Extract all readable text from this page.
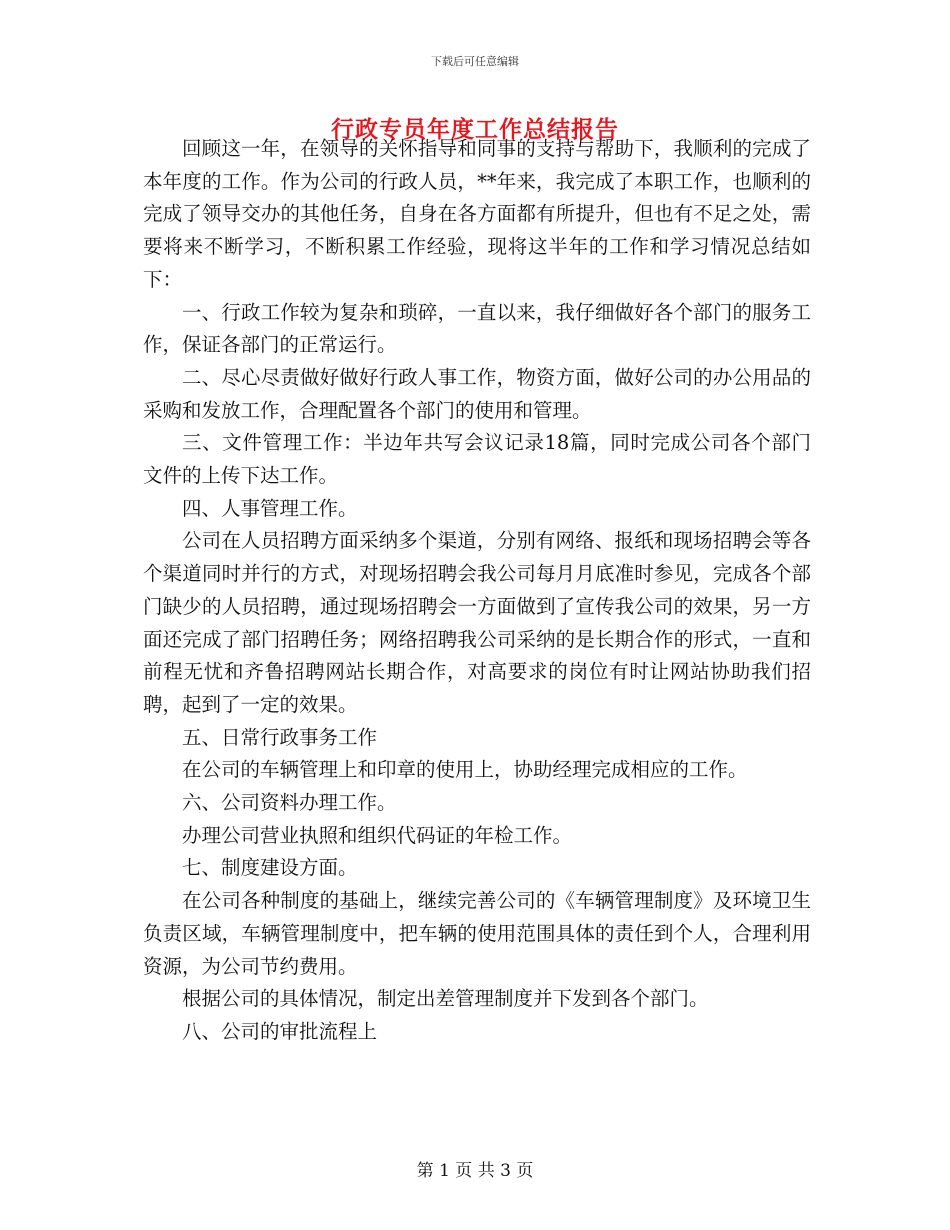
下载后可任意编辑
行政专员年度工作总结报告

回顾这一年，在领导的关怀指导和同事的支持与帮助下，我顺利的完成了本年度的工作。作为公司的行政人员，**年来，我完成了本职工作，也顺利的完成了领导交办的其他任务，自身在各方面都有所提升，但也有不足之处，需要将来不断学习，不断积累工作经验，现将这半年的工作和学习情况总结如下：

一、行政工作较为复杂和琐碎，一直以来，我仔细做好各个部门的服务工作，保证各部门的正常运行。

二、尽心尽责做好做好行政人事工作，物资方面，做好公司的办公用品的采购和发放工作，合理配置各个部门的使用和管理。

三、文件管理工作：半边年共写会议记录18篇，同时完成公司各个部门文件的上传下达工作。

四、人事管理工作。

公司在人员招聘方面采纳多个渠道，分别有网络、报纸和现场招聘会等各个渠道同时并行的方式，对现场招聘会我公司每月月底准时参见，完成各个部门缺少的人员招聘，通过现场招聘会一方面做到了宣传我公司的效果，另一方面还完成了部门招聘任务；网络招聘我公司采纳的是长期合作的形式，一直和前程无忧和齐鲁招聘网站长期合作，对高要求的岗位有时让网站协助我们招聘，起到了一定的效果。

五、日常行政事务工作

在公司的车辆管理上和印章的使用上，协助经理完成相应的工作。

六、公司资料办理工作。

办理公司营业执照和组织代码证的年检工作。

七、制度建设方面。

在公司各种制度的基础上，继续完善公司的《车辆管理制度》及环境卫生负责区域，车辆管理制度中，把车辆的使用范围具体的责任到个人，合理利用资源，为公司节约费用。

根据公司的具体情况，制定出差管理制度并下发到各个部门。

八、公司的审批流程上

第 1 页 共 3 页
